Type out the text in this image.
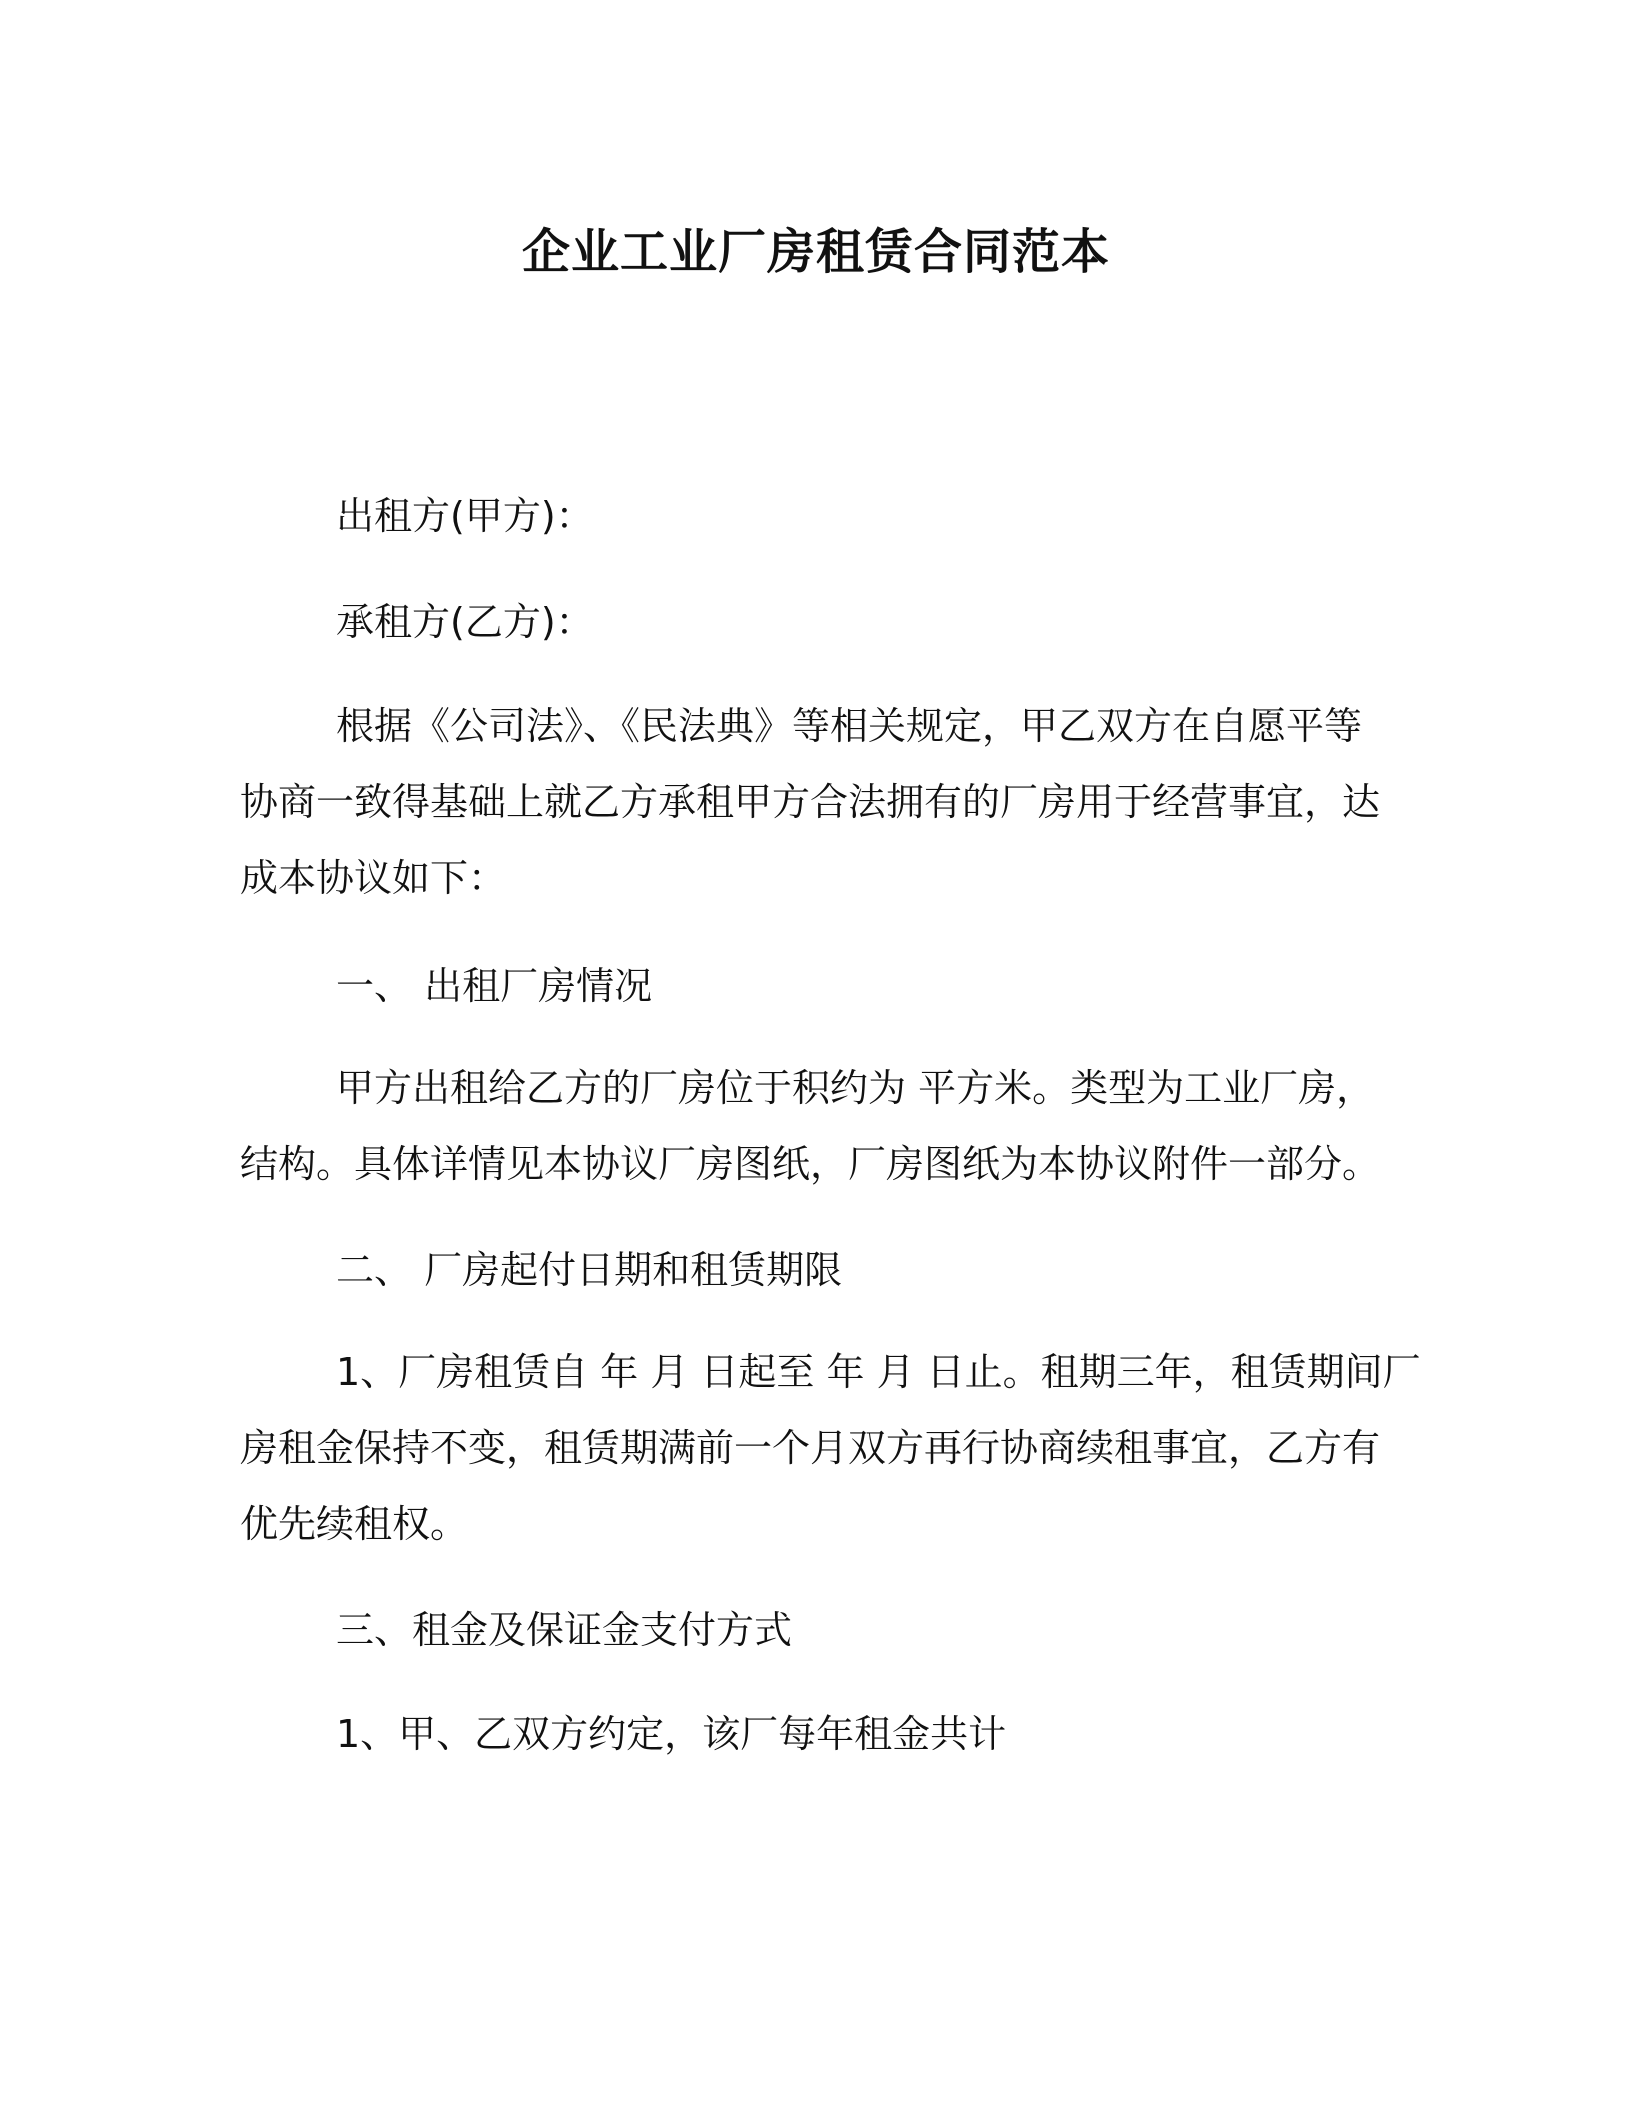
企业工业厂房租赁合同范本

出租方(甲方)：

承租方(乙方)：

根据《公司法》、《民法典》等相关规定，甲乙双方在自愿平等
协商一致得基础上就乙方承租甲方合法拥有的厂房用于经营事宜，达
成本协议如下：

一、 出租厂房情况

甲方出租给乙方的厂房位于积约为 平方米。类型为工业厂房，
结构。具体详情见本协议厂房图纸，厂房图纸为本协议附件一部分。

二、 厂房起付日期和租赁期限

1、厂房租赁自 年 月 日起至 年 月 日止。租期三年，租赁期间厂
房租金保持不变，租赁期满前一个月双方再行协商续租事宜，乙方有
优先续租权。

三、租金及保证金支付方式

1、甲、乙双方约定，该厂每年租金共计
